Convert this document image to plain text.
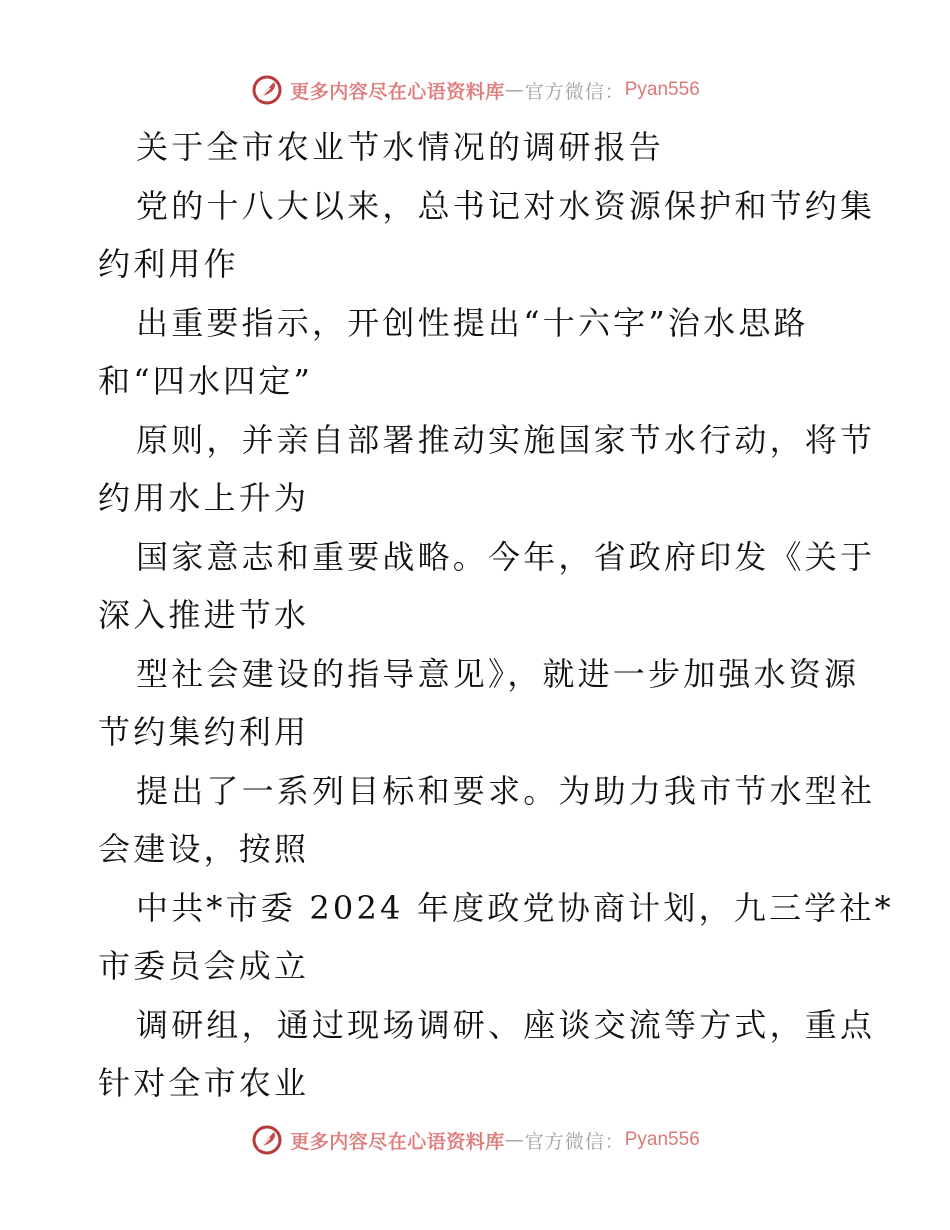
更多内容尽在心语资料库 — 官方微信： Pyan556
关于全市农业节水情况的调研报告
党的十八大以来，总书记对水资源保护和节约集
约利用作
出重要指示，开创性提出“十六字”治水思路
和“四水四定”
原则，并亲自部署推动实施国家节水行动，将节
约用水上升为
国家意志和重要战略。今年，省政府印发《关于
深入推进节水
型社会建设的指导意见》，就进一步加强水资源
节约集约利用
提出了一系列目标和要求。为助力我市节水型社
会建设，按照
中共*市委 2024 年度政党协商计划，九三学社*
市委员会成立
调研组，通过现场调研、座谈交流等方式，重点
针对全市农业
更多内容尽在心语资料库 — 官方微信： Pyan556
